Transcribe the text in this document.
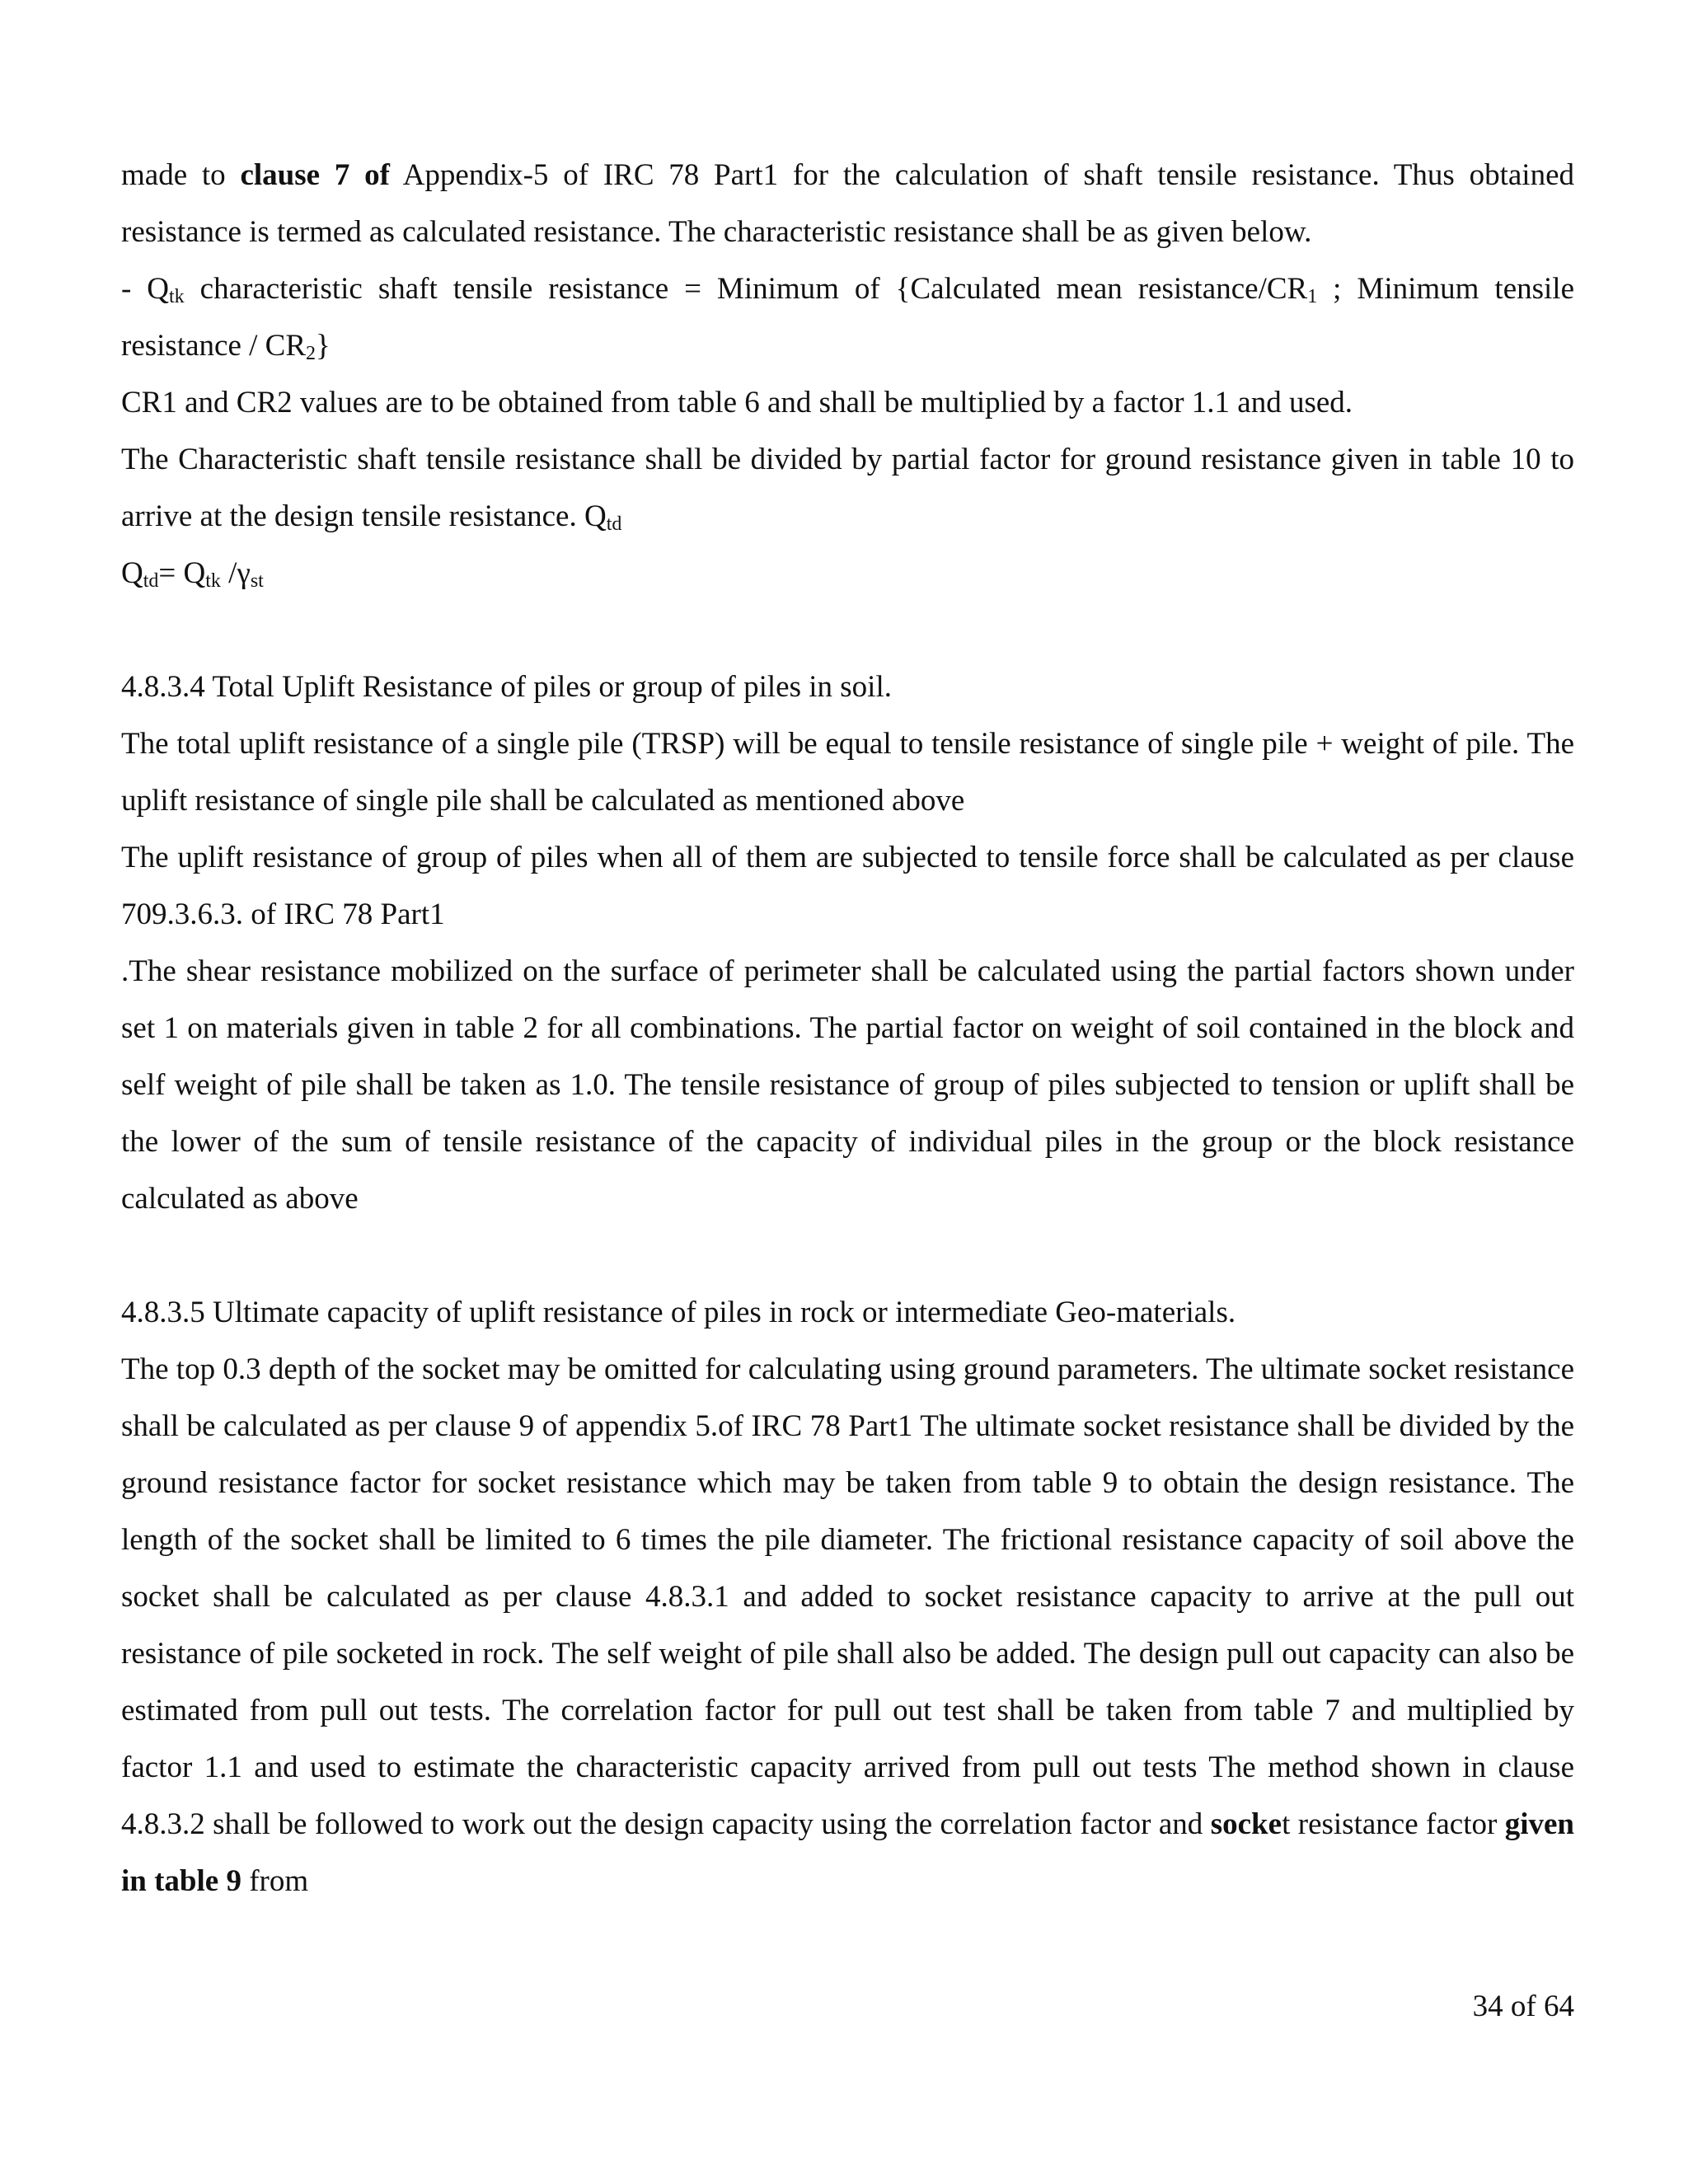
made to clause 7 of Appendix-5 of IRC 78 Part1 for the calculation of shaft tensile resistance. Thus obtained resistance is termed as calculated resistance. The characteristic resistance shall be as given below.

- $Q_{tk}$ characteristic shaft tensile resistance = Minimum of {Calculated mean resistance/$CR_1$ ; Minimum tensile resistance / $CR_2$}

CR1 and CR2 values are to be obtained from table 6 and shall be multiplied by a factor 1.1 and used.

The Characteristic shaft tensile resistance shall be divided by partial factor for ground resistance given in table 10 to arrive at the design tensile resistance. $Q_{td}$

$Q_{td}= Q_{tk}$ $/\gamma_{st}$

4.8.3.4 Total Uplift Resistance of piles or group of piles in soil.

The total uplift resistance of a single pile (TRSP) will be equal to tensile resistance of single pile + weight of pile. The uplift resistance of single pile shall be calculated as mentioned above

The uplift resistance of group of piles when all of them are subjected to tensile force shall be calculated as per clause 709.3.6.3. of IRC 78 Part1

.The shear resistance mobilized on the surface of perimeter shall be calculated using the partial factors shown under set 1 on materials given in table 2 for all combinations. The partial factor on weight of soil contained in the block and self weight of pile shall be taken as 1.0. The tensile resistance of group of piles subjected to tension or uplift shall be the lower of the sum of tensile resistance of the capacity of individual piles in the group or the block resistance calculated as above

4.8.3.5 Ultimate capacity of uplift resistance of piles in rock or intermediate Geo-materials.

The top 0.3 depth of the socket may be omitted for calculating using ground parameters. The ultimate socket resistance shall be calculated as per clause 9 of appendix 5.of IRC 78 Part1 The ultimate socket resistance shall be divided by the ground resistance factor for socket resistance which may be taken from table 9 to obtain the design resistance. The length of the socket shall be limited to 6 times the pile diameter. The frictional resistance capacity of soil above the socket shall be calculated as per clause 4.8.3.1 and added to socket resistance capacity to arrive at the pull out resistance of pile socketed in rock. The self weight of pile shall also be added. The design pull out capacity can also be estimated from pull out tests. The correlation factor for pull out test shall be taken from table 7 and multiplied by factor 1.1 and used to estimate the characteristic capacity arrived from pull out tests The method shown in clause 4.8.3.2 shall be followed to work out the design capacity using the correlation factor and socket resistance factor given in table 9 from

34 of 64
